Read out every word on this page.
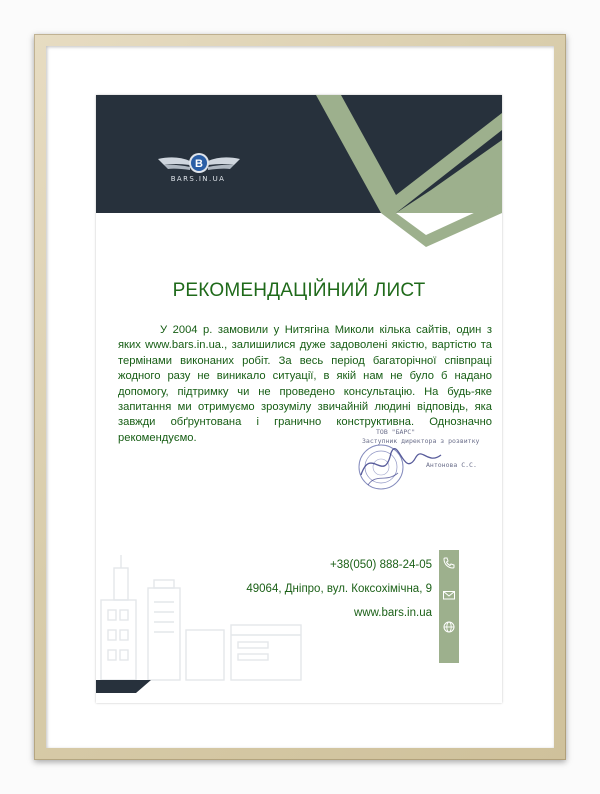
B
BARS.IN.UA
РЕКОМЕНДАЦІЙНИЙ ЛИСТ

У 2004 р. замовили у Нитягіна Миколи кілька сайтів, один з яких www.bars.in.ua., залишилися дуже задоволені якістю, вартістю та термінами виконаних робіт. За весь період багаторічної співпраці жодного разу не виникало ситуації, в якій нам не було б надано допомогу, підтримку чи не проведено консультацію. На будь-яке запитання ми отримуємо зрозумілу звичайній людині відповідь, яка завжди обґрунтована і гранично конструктивна. Однозначно рекомендуємо.	ТОВ "БАРС"
Заступник директора з розвитку
Антонова С.С.
+38(050) 888-24-05
49064, Дніпро, вул. Коксохімічна, 9
www.bars.in.ua
